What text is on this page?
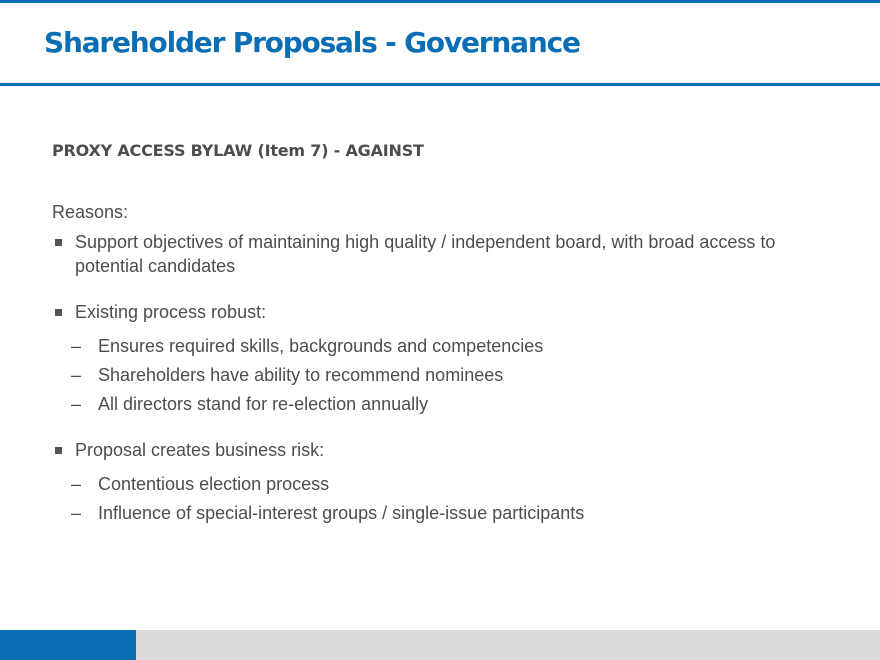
Shareholder Proposals - Governance

PROXY ACCESS BYLAW (Item 7) - AGAINST

Reasons:

Support objectives of maintaining high quality / independent board, with broad access to potential candidates
Existing process robust:
– Ensures required skills, backgrounds and competencies
– Shareholders have ability to recommend nominees
– All directors stand for re-election annually
Proposal creates business risk:
– Contentious election process
– Influence of special-interest groups / single-issue participants
